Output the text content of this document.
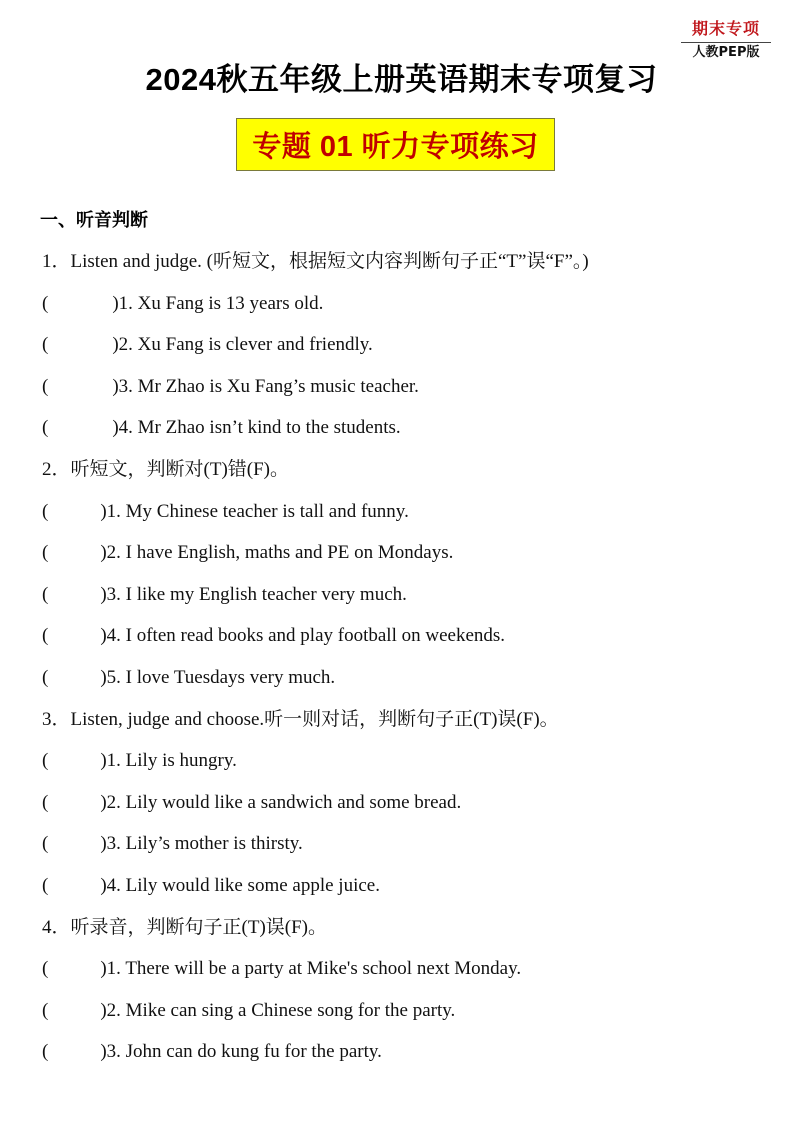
期末专项
人教PEP版
2024秋五年级上册英语期末专项复习
专题 01 听力专项练习
一、听音判断
1． Listen and judge. (听短文，根据短文内容判断句子正“T”误“F”。)
(	) 1. Xu Fang is 13 years old.
(	) 2. Xu Fang is clever and friendly.
(	) 3. Mr Zhao is Xu Fang’s music teacher.
(	) 4. Mr Zhao isn’t kind to the students.
2． 听短文，判断对(T)错(F)。
(	) 1. My Chinese teacher is tall and funny.
(	) 2. I have English, maths and PE on Mondays.
(	) 3. I like my English teacher very much.
(	) 4. I often read books and play football on weekends.
(	) 5. I love Tuesdays very much.
3． Listen, judge and choose.听一则对话，判断句子正(T)误(F)。
(	) 1. Lily is hungry.
(	) 2. Lily would like a sandwich and some bread.
(	) 3. Lily’s mother is thirsty.
(	) 4. Lily would like some apple juice.
4． 听录音，判断句子正(T)误(F)。
(	) 1. There will be a party at Mike's school next Monday.
(	) 2. Mike can sing a Chinese song for the party.
(	) 3. John can do kung fu for the party.
